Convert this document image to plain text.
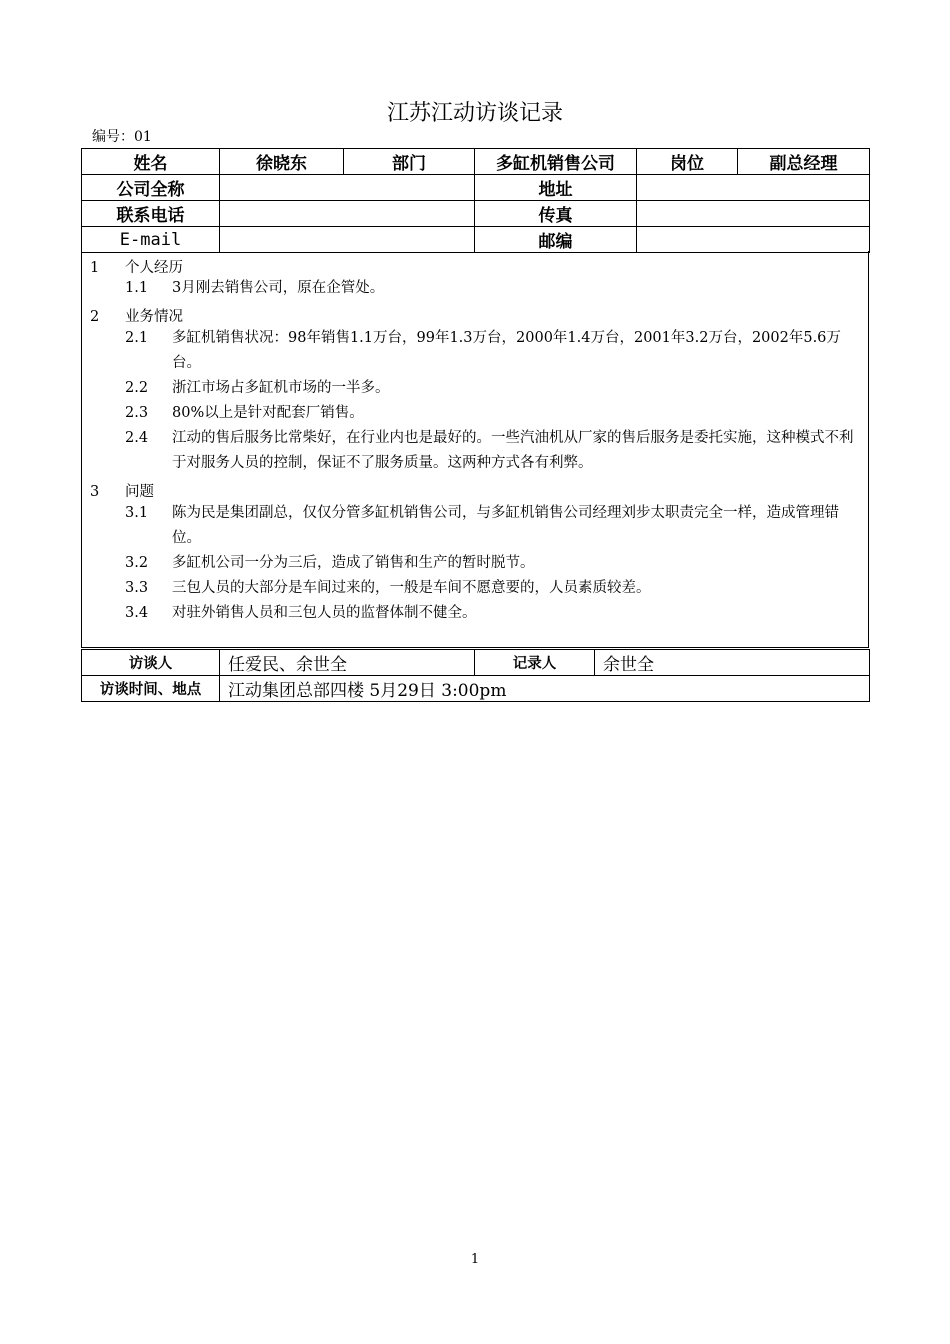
江苏江动访谈记录
编号：01
姓名	徐晓东	部门	多缸机销售公司	岗位	副总经理
公司全称			地址		
联系电话			传真		
E-mail			邮编		
1 个人经历
1.1 3月刚去销售公司，原在企管处。
2 业务情况
2.1 多缸机销售状况：98年销售1.1万台，99年1.3万台，2000年1.4万台，2001年3.2万台，2002年5.6万台。
2.2 浙江市场占多缸机市场的一半多。
2.3 80%以上是针对配套厂销售。
2.4 江动的售后服务比常柴好，在行业内也是最好的。一些汽油机从厂家的售后服务是委托实施，这种模式不利于对服务人员的控制，保证不了服务质量。这两种方式各有利弊。
3 问题
3.1 陈为民是集团副总，仅仅分管多缸机销售公司，与多缸机销售公司经理刘步太职责完全一样，造成管理错位。
3.2 多缸机公司一分为三后，造成了销售和生产的暂时脱节。
3.3 三包人员的大部分是车间过来的，一般是车间不愿意要的，人员素质较差。
3.4 对驻外销售人员和三包人员的监督体制不健全。
访谈人	任爱民、余世全	记录人	余世全
访谈时间、地点	江动集团总部四楼 5月29日 3:00pm		
1
